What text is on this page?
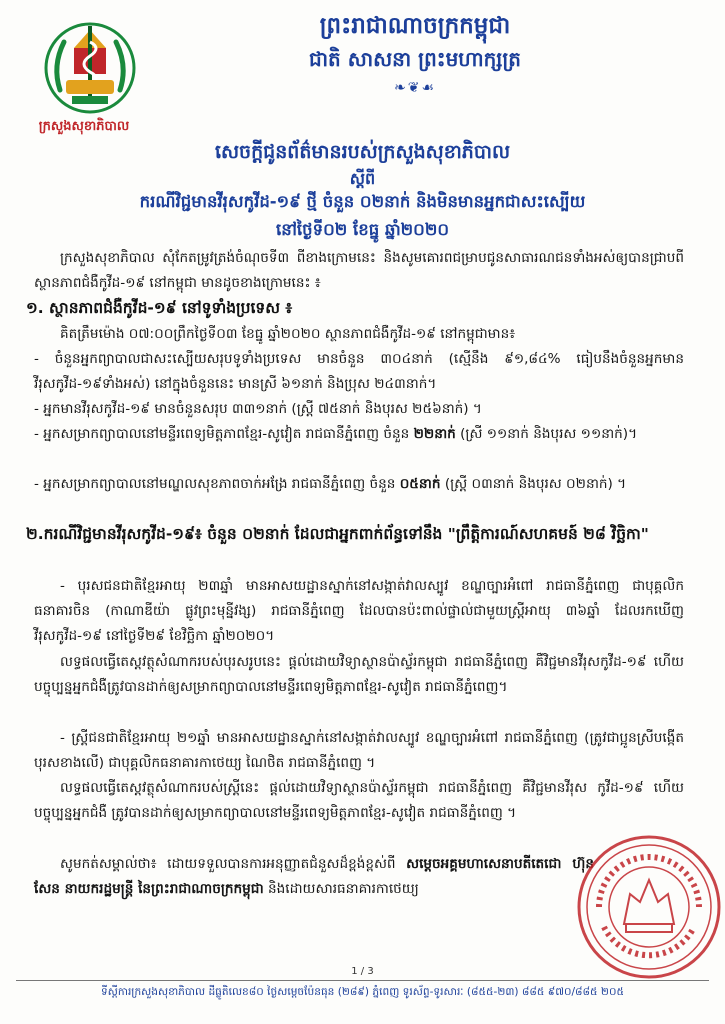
ក្រសួងសុខាភិបាល
ព្រះរាជាណាចក្រកម្ពុជា
ជាតិ សាសនា ព្រះមហាក្សត្រ
❧❦☙
សេចក្តីជូនព័ត៌មានរបស់ក្រសួងសុខាភិបាល
ស្តីពី
ករណីវិជ្ជមានវីរុសកូវីដ-១៩ ថ្មី ចំនួន ០២នាក់ និងមិនមានអ្នកជាសះស្បើយ
នៅថ្ងៃទី០២ ខែធ្នូ ឆ្នាំ២០២០
ក្រសួងសុខាភិបាល សុំកែតម្រូវត្រង់ចំណុចទី៣ ពីខាងក្រោមនេះ និងសូមគោរពជម្រាបជូនសាធារណជនទាំងអស់ឲ្យបានជ្រាបពីស្ថានភាពជំងឺកូវីដ-១៩ នៅកម្ពុជា មានដូចខាងក្រោមនេះ ៖
១. ស្ថានភាពជំងឺកូវីដ-១៩ នៅទូទាំងប្រទេស ៖
គិតត្រឹមម៉ោង ០៧:០០ព្រឹកថ្ងៃទី០៣ ខែធ្នូ ឆ្នាំ២០២០ ស្ថានភាពជំងឺកូវីដ-១៩ នៅកម្ពុជាមាន៖
- ចំនួនអ្នកព្យាបាលជាសះស្បើយសរុបទូទាំងប្រទេស មានចំនួន ៣០៤នាក់ (ស្មើនឹង ៩១,៨៤% ធៀបនឹងចំនួនអ្នកមានវីរុសកូវីដ-១៩ទាំងអស់) នៅក្នុងចំនួននេះ មានស្រី ៦១នាក់ និងប្រុស ២៤៣នាក់។
- អ្នកមានវីរុសកូវីដ-១៩ មានចំនួនសរុប ៣៣១នាក់ (ស្ត្រី ៧៥នាក់ និងបុរស ២៥៦នាក់) ។
- អ្នកសម្រាកព្យាបាលនៅមន្ទីរពេទ្យមិត្តភាពខ្មែរ-សូវៀត រាជធានីភ្នំពេញ ចំនួន ២២នាក់ (ស្រី ១១នាក់ និងបុរស ១១នាក់)។
- អ្នកសម្រាកព្យាបាលនៅមណ្ឌលសុខភាពចាក់អង្រែ រាជធានីភ្នំពេញ ចំនួន ០៥នាក់ (ស្ត្រី ០៣នាក់ និងបុរស ០២នាក់) ។
២.ករណីវិជ្ជមានវីរុសកូវីដ-១៩៖ ចំនួន ០២នាក់ ដែលជាអ្នកពាក់ព័ន្ធទៅនឹង "ព្រឹត្តិការណ៍សហគមន៍ ២៨ វិច្ឆិកា"
- បុរសជនជាតិខ្មែរអាយុ ២៣ឆ្នាំ មានអាសយដ្ឋានស្នាក់នៅសង្កាត់វាលស្បូវ ខណ្ឌច្បារអំពៅ រាជធានីភ្នំពេញ ជាបុគ្គលិកធនាគារចិន (កាណាឌីយ៉ា ផ្លូវព្រះមុន្នីវង្ស) រាជធានីភ្នំពេញ ដែលបានប៉ះពាល់ផ្ទាល់ជាមួយស្ត្រីអាយុ ៣៦ឆ្នាំ ដែលរកឃើញវីរុសកូវីដ-១៩ នៅថ្ងៃទី២៩ ខែវិច្ឆិកា ឆ្នាំ២០២០។
លទ្ធផលធ្វើតេស្តវត្ថុសំណាករបស់បុរសរូបនេះ ផ្តល់ដោយវិទ្យាស្ថានប៉ាស្ទ័រកម្ពុជា រាជធានីភ្នំពេញ គឺវិជ្ជមានវីរុសកូវីដ-១៩ ហើយបច្ចុប្បន្នអ្នកជំងឺត្រូវបានដាក់ឲ្យសម្រាកព្យាបាលនៅមន្ទីរពេទ្យមិត្តភាពខ្មែរ-សូវៀត រាជធានីភ្នំពេញ។
- ស្ត្រីជនជាតិខ្មែរអាយុ ២១ឆ្នាំ មានអាសយដ្ឋានស្នាក់នៅសង្កាត់វាលស្បូវ ខណ្ឌច្បារអំពៅ រាជធានីភ្នំពេញ (ត្រូវជាប្អូនស្រីបង្កើតបុរសខាងលើ) ជាបុគ្គលិកធនាគារកាថេយ្យ ណៃថិត រាជធានីភ្នំពេញ ។
លទ្ធផលធ្វើតេស្តវត្ថុសំណាករបស់ស្ត្រីនេះ ផ្តល់ដោយវិទ្យាស្ថានប៉ាស្ទ័រកម្ពុជា រាជធានីភ្នំពេញ គឺវិជ្ជមានវីរុស កូវីដ-១៩ ហើយបច្ចុប្បន្នអ្នកជំងឺ ត្រូវបានដាក់ឲ្យសម្រាកព្យាបាលនៅមន្ទីរពេទ្យមិត្តភាពខ្មែរ-សូវៀត រាជធានីភ្នំពេញ ។
សូមកត់សម្គាល់ថា៖ ដោយទទួលបានការអនុញ្ញាតជំនួសដ៏ខ្ពង់ខ្ពស់ពី សម្តេចអគ្គមហាសេនាបតីតេជោ ហ៊ុន សែន នាយករដ្ឋមន្ត្រី នៃព្រះរាជាណាចក្រកម្ពុជា និងដោយសារធនាគារកាថេយ្យ
1 / 3
ទីស្តីការក្រសួងសុខាភិបាល ដីធ្លូតិលេខ៨០ ថ្ងៃសម្តេចប៉ែនធុន (២៨៩) ភ្នំពេញ ទូរស័ព្ទ-ទូរសារៈ (៨៥៥-២៣) ៨៨៥ ៩៧០/៨៨៥ ២០៥
